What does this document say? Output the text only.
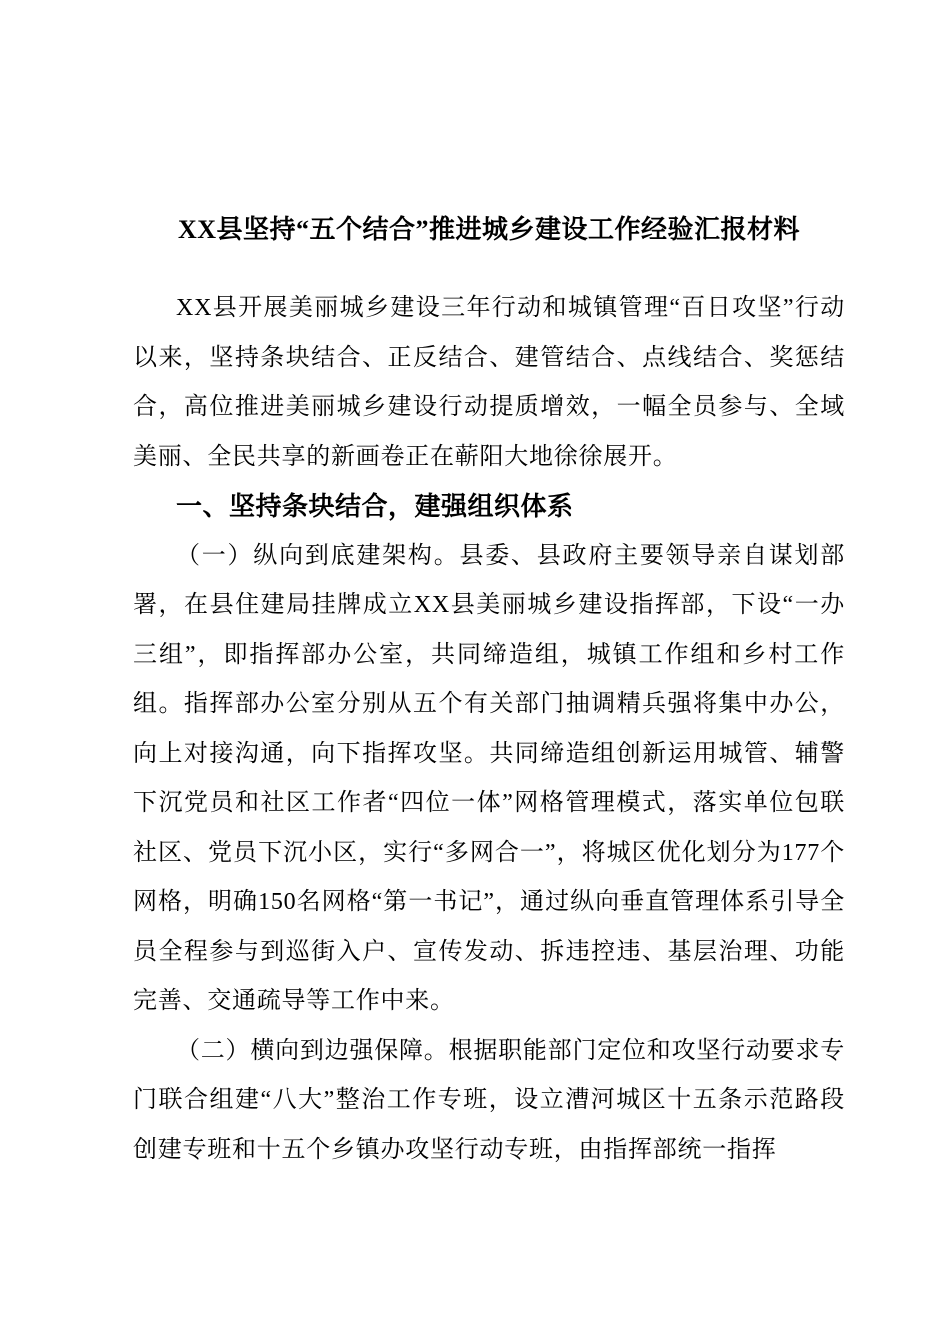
XX县坚持“五个结合”推进城乡建设工作经验汇报材料

XX县开展美丽城乡建设三年行动和城镇管理“百日攻坚”行动以来，坚持条块结合、正反结合、建管结合、点线结合、奖惩结合，高位推进美丽城乡建设行动提质增效，一幅全员参与、全域美丽、全民共享的新画卷正在蕲阳大地徐徐展开。

一、坚持条块结合，建强组织体系

（一）纵向到底建架构。县委、县政府主要领导亲自谋划部署，在县住建局挂牌成立XX县美丽城乡建设指挥部，下设“一办三组”，即指挥部办公室，共同缔造组，城镇工作组和乡村工作组。指挥部办公室分别从五个有关部门抽调精兵强将集中办公，向上对接沟通，向下指挥攻坚。共同缔造组创新运用城管、辅警下沉党员和社区工作者“四位一体”网格管理模式，落实单位包联社区、党员下沉小区，实行“多网合一”，将城区优化划分为177个网格，明确150名网格“第一书记”，通过纵向垂直管理体系引导全员全程参与到巡街入户、宣传发动、拆违控违、基层治理、功能完善、交通疏导等工作中来。

（二）横向到边强保障。根据职能部门定位和攻坚行动要求专门联合组建“八大”整治工作专班，设立漕河城区十五条示范路段创建专班和十五个乡镇办攻坚行动专班，由指挥部统一指挥
